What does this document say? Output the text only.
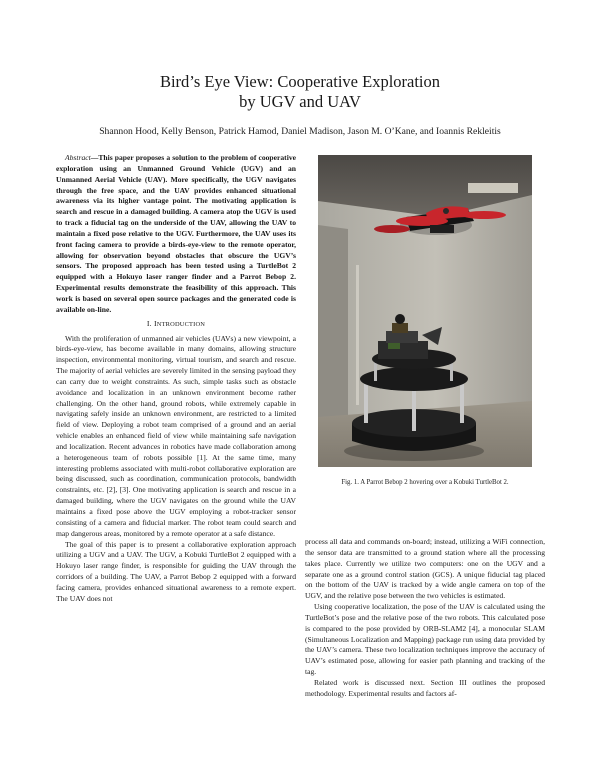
Bird’s Eye View: Cooperative Exploration
by UGV and UAV
Shannon Hood, Kelly Benson, Patrick Hamod, Daniel Madison, Jason M. O’Kane, and Ioannis Rekleitis

Abstract—This paper proposes a solution to the problem of cooperative exploration using an Unmanned Ground Vehicle (UGV) and an Unmanned Aerial Vehicle (UAV). More specifically, the UGV navigates through the free space, and the UAV provides enhanced situational awareness via its higher vantage point. The motivating application is search and rescue in a damaged building. A camera atop the UGV is used to track a fiducial tag on the underside of the UAV, allowing the UAV to maintain a fixed pose relative to the UGV. Furthermore, the UAV uses its front facing camera to provide a birds-eye-view to the remote operator, allowing for observation beyond obstacles that obscure the UGV’s sensors. The proposed approach has been tested using a TurtleBot 2 equipped with a Hokuyo laser ranger finder and a Parrot Bebop 2. Experimental results demonstrate the feasibility of this approach. This work is based on several open source packages and the generated code is available on-line.

I. INTRODUCTION

With the proliferation of unmanned air vehicles (UAVs) a new viewpoint, a birds-eye-view, has become available in many domains, allowing structure inspection, environmental monitoring, virtual tourism, and search and rescue. The majority of aerial vehicles are severely limited in the sensing payload they can carry due to weight constraints. As such, simple tasks such as obstacle avoidance and localization in an unknown environment become rather challenging. On the other hand, ground robots, while extremely capable in navigating safely inside an unknown environment, are restricted to a limited field of view. Deploying a robot team comprised of a ground and an aerial vehicle enables an enhanced field of view while maintaining safe navigation and localization. Recent advances in robotics have made collaboration among a heterogeneous team of robots possible [1]. At the same time, many interesting problems associated with multi-robot collaborative exploration are being discussed, such as coordination, communication protocols, bandwidth constraints, etc. [2], [3]. One motivating application is search and rescue in a damaged building, where the UGV navigates on the ground while the UAV maintains a fixed pose above the UGV employing a robot-tracker sensor consisting of a camera and fiducial marker. The robot team could search and map dangerous areas, monitored by a remote operator at a safe distance.

The goal of this paper is to present a collaborative exploration approach utilizing a UGV and a UAV. The UGV, a Kobuki TurtleBot 2 equipped with a Hokuyo laser range finder, is responsible for guiding the UAV through the corridors of a building. The UAV, a Parrot Bebop 2 equipped with a forward facing camera, provides enhanced situational awareness to a remote expert. The UAV does not

Fig. 1. A Parrot Bebop 2 hovering over a Kobuki TurtleBot 2.

process all data and commands on-board; instead, utilizing a WiFi connection, the sensor data are transmitted to a ground station where all the processing takes place. Currently we utilize two computers: one on the UGV and a separate one as a ground control station (GCS). A unique fiducial tag placed on the bottom of the UAV is tracked by a wide angle camera on top of the UGV, and the relative pose between the two vehicles is estimated.

Using cooperative localization, the pose of the UAV is calculated using the TurtleBot’s pose and the relative pose of the two robots. This calculated pose is compared to the pose provided by ORB-SLAM2 [4], a monocular SLAM (Simultaneous Localization and Mapping) package run using data provided by the UAV’s camera. These two localization techniques improve the accuracy of UAV’s estimated pose, allowing for easier path planning and tracking of the tag.

Related work is discussed next. Section III outlines the proposed methodology. Experimental results and factors af-
